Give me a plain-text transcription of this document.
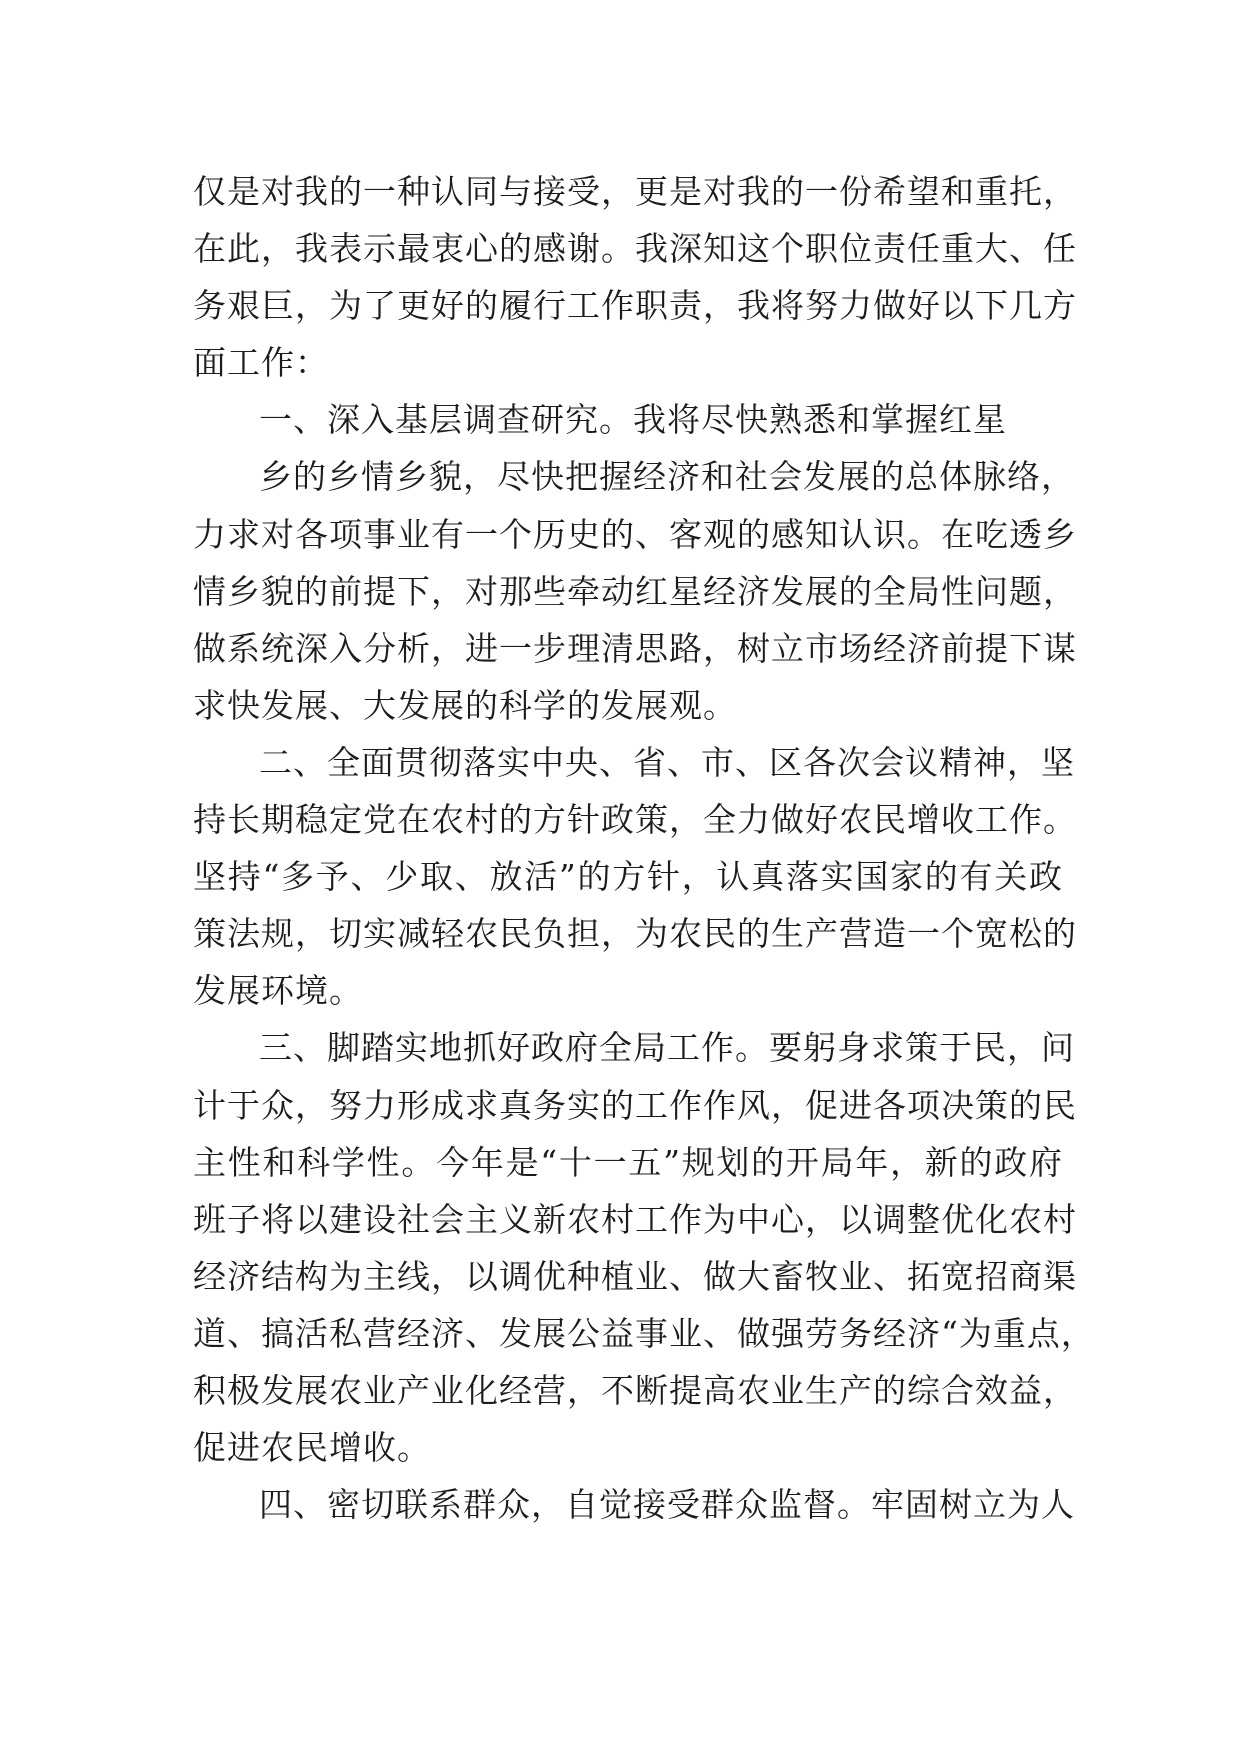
仅是对我的一种认同与接受，更是对我的一份希望和重托，
在此，我表示最衷心的感谢。我深知这个职位责任重大、任
务艰巨，为了更好的履行工作职责，我将努力做好以下几方
面工作：
一、深入基层调查研究。我将尽快熟悉和掌握红星
乡的乡情乡貌，尽快把握经济和社会发展的总体脉络，
力求对各项事业有一个历史的、客观的感知认识。在吃透乡
情乡貌的前提下，对那些牵动红星经济发展的全局性问题，
做系统深入分析，进一步理清思路，树立市场经济前提下谋
求快发展、大发展的科学的发展观。
二、全面贯彻落实中央、省、市、区各次会议精神，坚
持长期稳定党在农村的方针政策，全力做好农民增收工作。
坚持“多予、少取、放活”的方针，认真落实国家的有关政
策法规，切实减轻农民负担，为农民的生产营造一个宽松的
发展环境。
三、脚踏实地抓好政府全局工作。要躬身求策于民，问
计于众，努力形成求真务实的工作作风，促进各项决策的民
主性和科学性。今年是“十一五”规划的开局年，新的政府
班子将以建设社会主义新农村工作为中心，以调整优化农村
经济结构为主线，以调优种植业、做大畜牧业、拓宽招商渠
道、搞活私营经济、发展公益事业、做强劳务经济“为重点，
积极发展农业产业化经营，不断提高农业生产的综合效益，
促进农民增收。
四、密切联系群众，自觉接受群众监督。牢固树立为人
